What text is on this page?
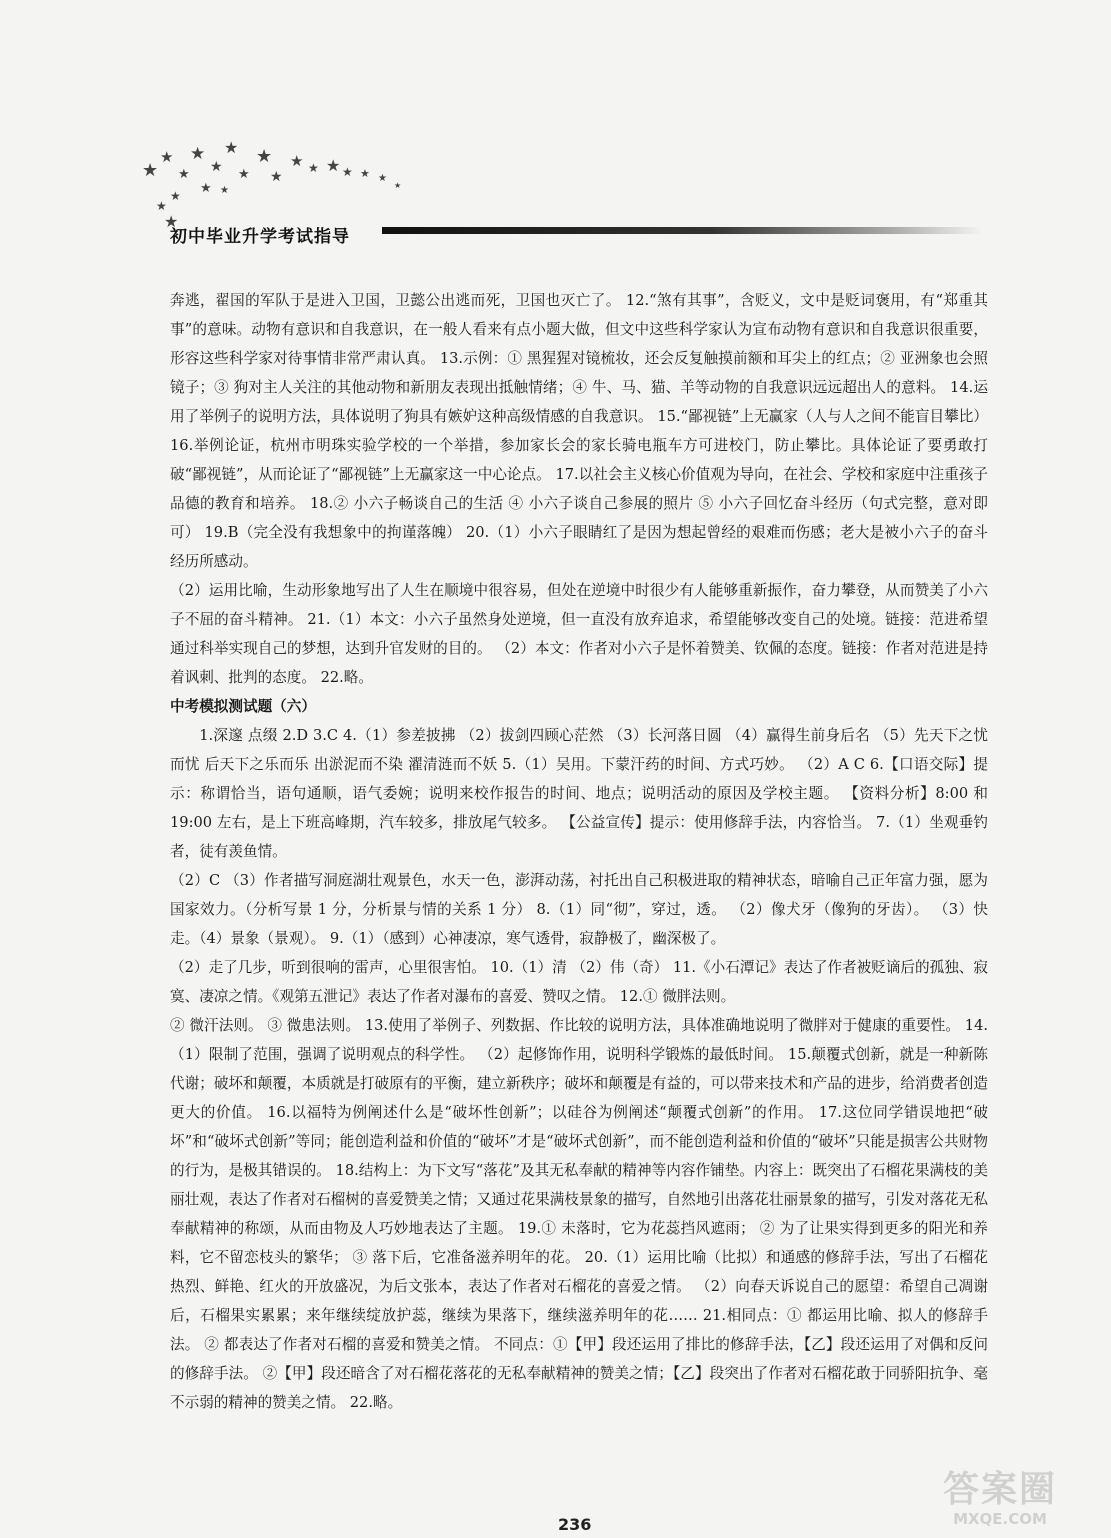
★
★
★
★
★
★
★
★
★
★ ★ ★ ★ ★ ★
★
★
★	★
★
★
初中毕业升学考试指导

奔逃，翟国的军队于是进入卫国，卫懿公出逃而死，卫国也灭亡了。 12.“煞有其事”，含贬义，文中是贬词褒用，有“郑重其事”的意味。动物有意识和自我意识，在一般人看来有点小题大做，但文中这些科学家认为宣布动物有意识和自我意识很重要，形容这些科学家对待事情非常严肃认真。 13.示例：① 黑猩猩对镜梳妆，还会反复触摸前额和耳尖上的红点；② 亚洲象也会照镜子；③ 狗对主人关注的其他动物和新朋友表现出抵触情绪；④ 牛、马、猫、羊等动物的自我意识远远超出人的意料。 14.运用了举例子的说明方法，具体说明了狗具有嫉妒这种高级情感的自我意识。 15.“鄙视链”上无赢家（人与人之间不能盲目攀比） 16.举例论证，杭州市明珠实验学校的一个举措，参加家长会的家长骑电瓶车方可进校门，防止攀比。具体论证了要勇敢打破“鄙视链”，从而论证了“鄙视链”上无赢家这一中心论点。 17.以社会主义核心价值观为导向，在社会、学校和家庭中注重孩子品德的教育和培养。 18.② 小六子畅谈自己的生活 ④ 小六子谈自己参展的照片 ⑤ 小六子回忆奋斗经历（句式完整，意对即可） 19.B（完全没有我想象中的拘谨落魄） 20.（1）小六子眼睛红了是因为想起曾经的艰难而伤感；老大是被小六子的奋斗经历所感动。

（2）运用比喻，生动形象地写出了人生在顺境中很容易，但处在逆境中时很少有人能够重新振作，奋力攀登，从而赞美了小六子不屈的奋斗精神。 21.（1）本文：小六子虽然身处逆境，但一直没有放弃追求，希望能够改变自己的处境。链接：范进希望通过科举实现自己的梦想，达到升官发财的目的。 （2）本文：作者对小六子是怀着赞美、钦佩的态度。链接：作者对范进是持着讽刺、批判的态度。 22.略。

中考模拟测试题（六）

1.深邃 点缀 2.D 3.C 4.（1）参差披拂 （2）拔剑四顾心茫然 （3）长河落日圆 （4）赢得生前身后名 （5）先天下之忧而忧 后天下之乐而乐 出淤泥而不染 濯清涟而不妖 5.（1）吴用。下蒙汗药的时间、方式巧妙。 （2）A C 6.【口语交际】提示：称谓恰当，语句通顺，语气委婉；说明来校作报告的时间、地点；说明活动的原因及学校主题。 【资料分析】8:00 和 19:00 左右，是上下班高峰期，汽车较多，排放尾气较多。 【公益宣传】提示：使用修辞手法，内容恰当。 7.（1）坐观垂钓者，徒有羡鱼情。

（2）C （3）作者描写洞庭湖壮观景色，水天一色，澎湃动荡，衬托出自己积极进取的精神状态，暗喻自己正年富力强，愿为国家效力。（分析写景 1 分，分析景与情的关系 1 分） 8.（1）同“彻”，穿过，透。 （2）像犬牙（像狗的牙齿）。 （3）快走。（4）景象（景观）。 9.（1）（感到）心神凄凉，寒气透骨，寂静极了，幽深极了。

（2）走了几步，听到很响的雷声，心里很害怕。 10.（1）清 （2）伟（奇） 11.《小石潭记》表达了作者被贬谪后的孤独、寂寞、凄凉之情。《观第五泄记》表达了作者对瀑布的喜爱、赞叹之情。 12.① 微胖法则。

② 微汗法则。 ③ 微患法则。 13.使用了举例子、列数据、作比较的说明方法，具体准确地说明了微胖对于健康的重要性。 14.（1）限制了范围，强调了说明观点的科学性。 （2）起修饰作用，说明科学锻炼的最低时间。 15.颠覆式创新，就是一种新陈代谢；破坏和颠覆，本质就是打破原有的平衡，建立新秩序；破坏和颠覆是有益的，可以带来技术和产品的进步，给消费者创造更大的价值。 16.以福特为例阐述什么是“破坏性创新”；以硅谷为例阐述“颠覆式创新”的作用。 17.这位同学错误地把“破坏”和“破坏式创新”等同；能创造利益和价值的“破坏”才是“破坏式创新”，而不能创造利益和价值的“破坏”只能是损害公共财物的行为，是极其错误的。 18.结构上：为下文写“落花”及其无私奉献的精神等内容作铺垫。内容上：既突出了石榴花果满枝的美丽壮观，表达了作者对石榴树的喜爱赞美之情；又通过花果满枝景象的描写，自然地引出落花壮丽景象的描写，引发对落花无私奉献精神的称颂，从而由物及人巧妙地表达了主题。 19.① 未落时，它为花蕊挡风遮雨； ② 为了让果实得到更多的阳光和养料，它不留恋枝头的繁华； ③ 落下后，它准备滋养明年的花。 20.（1）运用比喻（比拟）和通感的修辞手法，写出了石榴花热烈、鲜艳、红火的开放盛况，为后文张本，表达了作者对石榴花的喜爱之情。 （2）向春天诉说自己的愿望：希望自己凋谢后，石榴果实累累；来年继续绽放护蕊，继续为果落下，继续滋养明年的花…… 21.相同点：① 都运用比喻、拟人的修辞手法。 ② 都表达了作者对石榴的喜爱和赞美之情。 不同点：①【甲】段还运用了排比的修辞手法，【乙】段还运用了对偶和反问的修辞手法。 ②【甲】段还暗含了对石榴花落花的无私奉献精神的赞美之情；【乙】段突出了作者对石榴花敢于同骄阳抗争、毫不示弱的精神的赞美之情。 22.略。

236
答案圈
MXQE.COM
